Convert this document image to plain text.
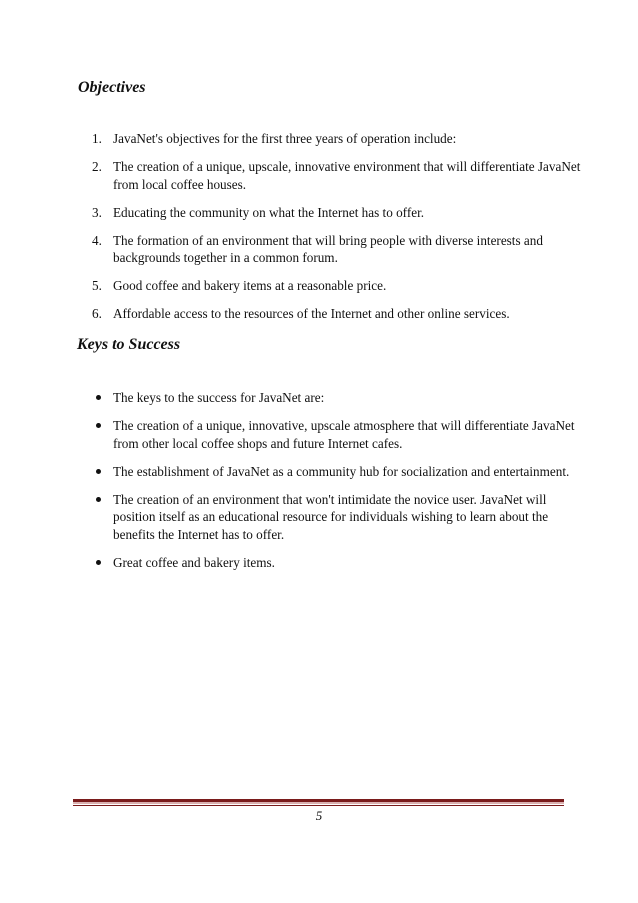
Objectives
1. JavaNet's objectives for the first three years of operation include:
2. The creation of a unique, upscale, innovative environment that will differentiate JavaNet from local coffee houses.
3. Educating the community on what the Internet has to offer.
4. The formation of an environment that will bring people with diverse interests and backgrounds together in a common forum.
5. Good coffee and bakery items at a reasonable price.
6. Affordable access to the resources of the Internet and other online services.
Keys to Success
The keys to the success for JavaNet are:
The creation of a unique, innovative, upscale atmosphere that will differentiate JavaNet from other local coffee shops and future Internet cafes.
The establishment of JavaNet as a community hub for socialization and entertainment.
The creation of an environment that won't intimidate the novice user. JavaNet will position itself as an educational resource for individuals wishing to learn about the benefits the Internet has to offer.
Great coffee and bakery items.
5
